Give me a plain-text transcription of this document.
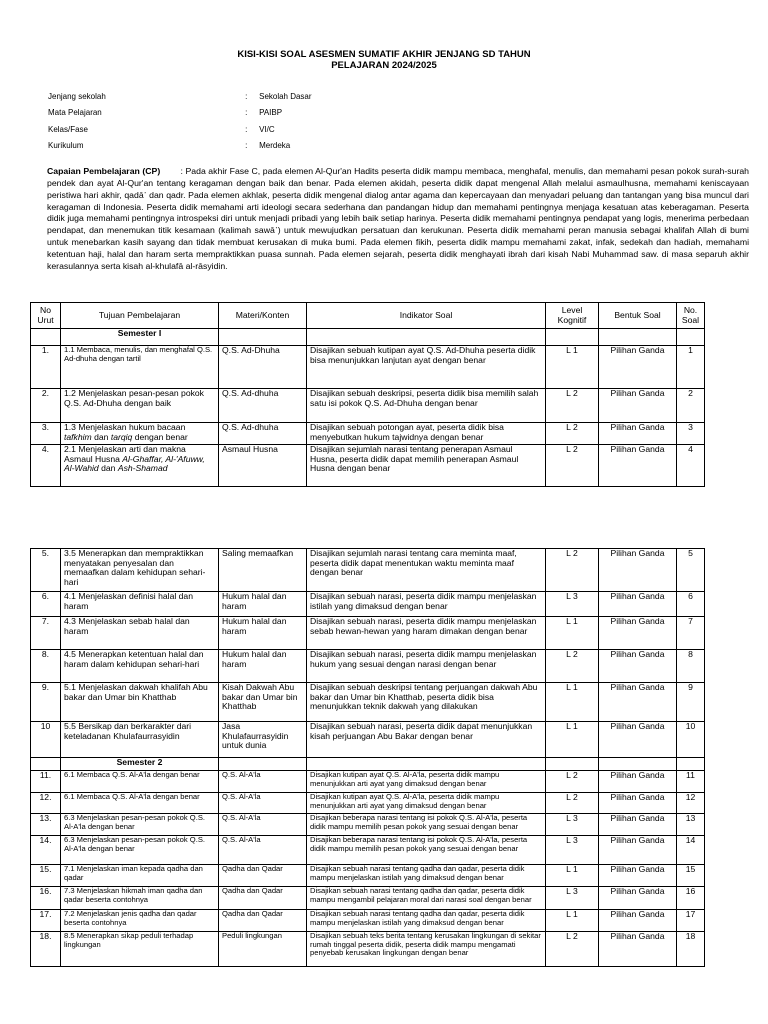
KISI-KISI SOAL ASESMEN SUMATIF AKHIR JENJANG SD TAHUN
PELAJARAN 2024/2025
Jenjang sekolah	:	Sekolah Dasar
Mata Pelajaran	:	PAIBP
Kelas/Fase	:	VI/C
Kurikulum	:	Merdeka
Capaian Pembelajaran (CP) : Pada akhir Fase C, pada elemen Al-Qur'an Hadits peserta didik mampu membaca, menghafal, menulis, dan memahami pesan pokok surah-surah pendek dan ayat Al-Qur'an tentang keragaman dengan baik dan benar. Pada elemen akidah, peserta didik dapat mengenal Allah melalui asmaulhusna, memahami keniscayaan peristiwa hari akhir, qadā᾽ dan qadr. Pada elemen akhlak, peserta didik mengenal dialog antar agama dan kepercayaan dan menyadari peluang dan tantangan yang bisa muncul dari keragaman di Indonesia. Peserta didik memahami arti ideologi secara sederhana dan pandangan hidup dan memahami pentingnya menjaga kesatuan atas keberagaman. Peserta didik juga memahami pentingnya introspeksi diri untuk menjadi pribadi yang lebih baik setiap harinya. Peserta didik memahami pentingnya pendapat yang logis, menerima perbedaan pendapat, dan menemukan titik kesamaan (kalimah sawā᾽) untuk mewujudkan persatuan dan kerukunan. Peserta didik memahami peran manusia sebagai khalifah Allah di bumi untuk menebarkan kasih sayang dan tidak membuat kerusakan di muka bumi. Pada elemen fikih, peserta didik mampu memahami zakat, infak, sedekah dan hadiah, memahami ketentuan haji, halal dan haram serta mempraktikkan puasa sunnah. Pada elemen sejarah, peserta didik menghayati ibrah dari kisah Nabi Muhammad saw. di masa separuh akhir kerasulannya serta kisah al-khulafā al-rāsyidin.
No Urut	Tujuan Pembelajaran	Materi/Konten	Indikator Soal	Level Kognitif	Bentuk Soal	No. Soal
	Semester I					
1.	1.1 Membaca, menulis, dan menghafal Q.S. Ad-dhuha dengan tartil	Q.S. Ad-Dhuha	Disajikan sebuah kutipan ayat Q.S. Ad-Dhuha peserta didik bisa menunjukkan lanjutan ayat dengan benar	L 1	Pilihan Ganda	1
2.	1.2 Menjelaskan pesan-pesan pokok Q.S. Ad-Dhuha dengan baik	Q.S. Ad-dhuha	Disajikan sebuah deskripsi, peserta didik bisa memilih salah satu isi pokok Q.S. Ad-Dhuha dengan benar	L 2	Pilihan Ganda	2
3.	1.3 Menjelaskan hukum bacaan tafkhim dan tarqiq dengan benar	Q.S. Ad-dhuha	Disajikan sebuah potongan ayat, peserta didik bisa menyebutkan hukum tajwidnya dengan benar	L 2	Pilihan Ganda	3
4.	2.1 Menjelaskan arti dan makna Asmaul Husna Al-Ghaffar, Al-'Afuww, Al-Wahid dan Ash-Shamad	Asmaul Husna	Disajikan sejumlah narasi tentang penerapan Asmaul Husna, peserta didik dapat memilih penerapan Asmaul Husna dengan benar	L 2	Pilihan Ganda	4
5.	3.5 Menerapkan dan mempraktikkan menyatakan penyesalan dan memaafkan dalam kehidupan sehari-hari	Saling memaafkan	Disajikan sejumlah narasi tentang cara meminta maaf, peserta didik dapat menentukan waktu meminta maaf dengan benar	L 2	Pilihan Ganda	5
6.	4.1 Menjelaskan definisi halal dan haram	Hukum halal dan haram	Disajikan sebuah narasi, peserta didik mampu menjelaskan istilah yang dimaksud dengan benar	L 3	Pilihan Ganda	6
7.	4.3 Menjelaskan sebab halal dan haram	Hukum halal dan haram	Disajikan sebuah narasi, peserta didik mampu menjelaskan sebab hewan-hewan yang haram dimakan dengan benar	L 1	Pilihan Ganda	7
8.	4.5 Menerapkan ketentuan halal dan haram dalam kehidupan sehari-hari	Hukum halal dan haram	Disajikan sebuah narasi, peserta didik mampu menjelaskan hukum yang sesuai dengan narasi dengan benar	L 2	Pilihan Ganda	8
9.	5.1 Menjelaskan dakwah khalifah Abu bakar dan Umar bin Khatthab	Kisah Dakwah Abu bakar dan Umar bin Khatthab	Disajikan sebuah deskripsi tentang perjuangan dakwah Abu bakar dan Umar bin Khatthab, peserta didik bisa menunjukkan teknik dakwah yang dilakukan	L 1	Pilihan Ganda	9
10	5.5 Bersikap dan berkarakter dari keteladanan Khulafaurrasyidin	Jasa Khulafaurrasyidin untuk dunia	Disajikan sebuah narasi, peserta didik dapat menunjukkan kisah perjuangan Abu Bakar dengan benar	L 1	Pilihan Ganda	10
	Semester 2					
11.	6.1 Membaca Q.S. Al-A'la dengan benar	Q.S. Al-A'la	Disajikan kutipan ayat Q.S. Al-A'la, peserta didik mampu menunjukkan arti ayat yang dimaksud dengan benar	L 2	Pilihan Ganda	11
12.	6.1 Membaca Q.S. Al-A'la dengan benar	Q.S. Al-A'la	Disajikan kutipan ayat Q.S. Al-A'la, peserta didik mampu menunjukkan arti ayat yang dimaksud dengan benar	L 2	Pilihan Ganda	12
13.	6.3 Menjelaskan pesan-pesan pokok Q.S. Al-A'la dengan benar	Q.S. Al-A'la	Disajikan beberapa narasi tentang isi pokok Q.S. Al-A'la, peserta didik mampu memilih pesan pokok yang sesuai dengan benar	L 3	Pilihan Ganda	13
14.	6.3 Menjelaskan pesan-pesan pokok Q.S. Al-A'la dengan benar	Q.S. Al-A'la	Disajikan beberapa narasi tentang isi pokok Q.S. Al-A'la, peserta didik mampu memilih pesan pokok yang sesuai dengan benar	L 3	Pilihan Ganda	14
15.	7.1 Menjelaskan iman kepada qadha dan qadar	Qadha dan Qadar	Disajikan sebuah narasi tentang qadha dan qadar, peserta didik mampu menjelaskan istilah yang dimaksud dengan benar	L 1	Pilihan Ganda	15
16.	7.3 Menjelaskan hikmah iman qadha dan qadar beserta contohnya	Qadha dan Qadar	Disajikan sebuah narasi tentang qadha dan qadar, peserta didik mampu mengambil pelajaran moral dari narasi soal dengan benar	L 3	Pilihan Ganda	16
17.	7.2 Menjelaskan jenis qadha dan qadar beserta contohnya	Qadha dan Qadar	Disajikan sebuah narasi tentang qadha dan qadar, peserta didik mampu menjelaskan istilah yang dimaksud dengan benar	L 1	Pilihan Ganda	17
18.	8.5 Menerapkan sikap peduli terhadap lingkungan	Peduli lingkungan	Disajikan sebuah teks berita tentang kerusakan lingkungan di sekitar rumah tinggal peserta didik, peserta didik mampu mengamati penyebab kerusakan lingkungan dengan benar	L 2	Pilihan Ganda	18
